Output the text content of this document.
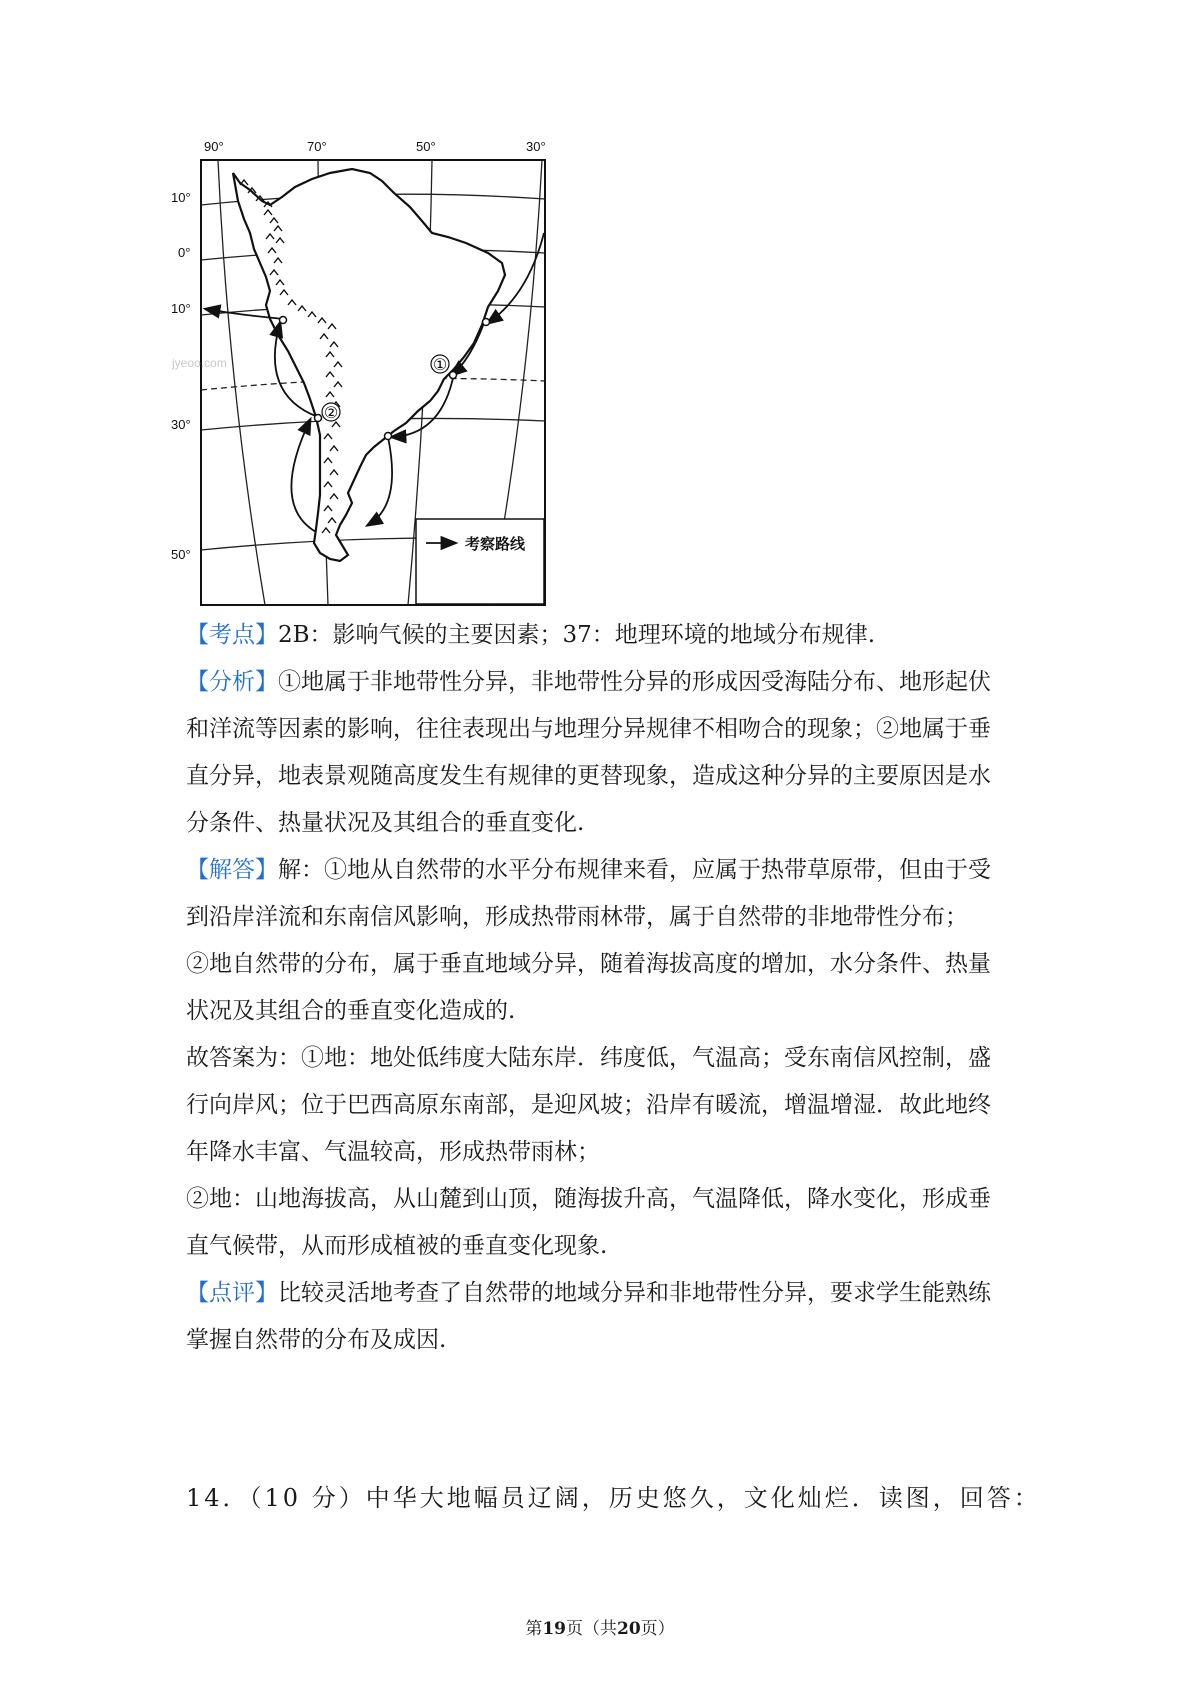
①
②
jyeoo.com
90°	70°	50°	30°
10°
0°
10°
30°
50°
考察路线
【考点】2B：影响气候的主要因素；37：地理环境的地域分布规律.
【分析】①地属于非地带性分异，非地带性分异的形成因受海陆分布、地形起伏
和洋流等因素的影响，往往表现出与地理分异规律不相吻合的现象；②地属于垂
直分异，地表景观随高度发生有规律的更替现象，造成这种分异的主要原因是水
分条件、热量状况及其组合的垂直变化.
【解答】解：①地从自然带的水平分布规律来看，应属于热带草原带，但由于受
到沿岸洋流和东南信风影响，形成热带雨林带，属于自然带的非地带性分布；
②地自然带的分布，属于垂直地域分异，随着海拔高度的增加，水分条件、热量
状况及其组合的垂直变化造成的.
故答案为：①地：地处低纬度大陆东岸．纬度低，气温高；受东南信风控制，盛
行向岸风；位于巴西高原东南部，是迎风坡；沿岸有暖流，增温增湿．故此地终
年降水丰富、气温较高，形成热带雨林；
②地：山地海拔高，从山麓到山顶，随海拔升高，气温降低，降水变化，形成垂
直气候带，从而形成植被的垂直变化现象.
【点评】比较灵活地考查了自然带的地域分异和非地带性分异，要求学生能熟练
掌握自然带的分布及成因.
14．（10 分）中华大地幅员辽阔，历史悠久，文化灿烂．读图，回答：
第19页（共20页）
